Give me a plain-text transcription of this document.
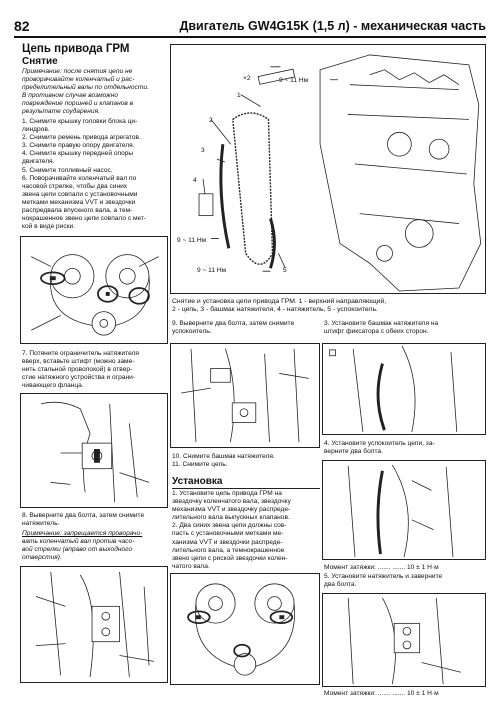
82	Двигатель GW4G15K (1,5 л) - механическая часть
Цепь привода ГРМ
Снятие
Примечание: после снятия цепи не
проворачивайте коленчатый и рас-
пределительный валы по отдельности.
В противном случае возможно
повреждение поршней и клапанов в
результате соударения.
1. Снимите крышку головки блока ци-
линдров.
2. Снимите ремень привода агрегатов.
3. Снимите правую опору двигателя.
4. Снимите крышку передней опоры
двигателя.
5. Снимите топливный насос.
6. Поворачивайте коленчатый вал по
часовой стрелке, чтобы два синих
звена цепи совпали с установочными
метками механизма VVT и звездочки
распредвала впускного вала, а тем-
нокрашенное звено цепи совпало с мет-
кой в виде риски.
7. Потяните ограничитель натяжителя
вверх, вставьте штифт (можно заме-
нить стальной проволокой) в отвер-
стие натяжного устройства и ограни-
чивающего фланца.
8. Выверните два болта, затем снимите
натяжитель.
Примечание: запрещается проворачи-
вать коленчатый вал против часо-
вой стрелки (вправо от выходного
отверстия).
×2	9 ~ 11 Нм
1
2
3
4
9 ~ 11 Нм
9 ~ 11 Нм	5
Снятие и установка цепи привода ГРМ. 1 - верхний направляющий,
2 - цепь, 3 - башмак натяжителя, 4 - натяжитель, 5 - успокоитель.
9. Выверните два болта, затем снимите
успокоитель.
10. Снимите башмак натяжителя.
11. Снимите цепь.
Установка
1. Установите цепь привода ГРМ на
звездочку коленчатого вала, звездочку
механизма VVT и звездочку распреде-
лительного вала выпускных клапанов.
2. Два синих звена цепи должны сов-
пасть с установочными метками ме-
ханизма VVT и звездочки распреде-
лительного вала, а темнокрашенное
звено цепи с риской звездочки колен-
чатого вала.
3. Установите башмак натяжителя на
штифт фиксатора с обеих сторон.
4. Установите успокоитель цепи, за-
верните два болта.
Момент затяжки: ....... ....... 10 ± 1 Н·м
5. Установите натяжитель и заверните
два болта.
Момент затяжки: ....... ....... 10 ± 1 Н·м
